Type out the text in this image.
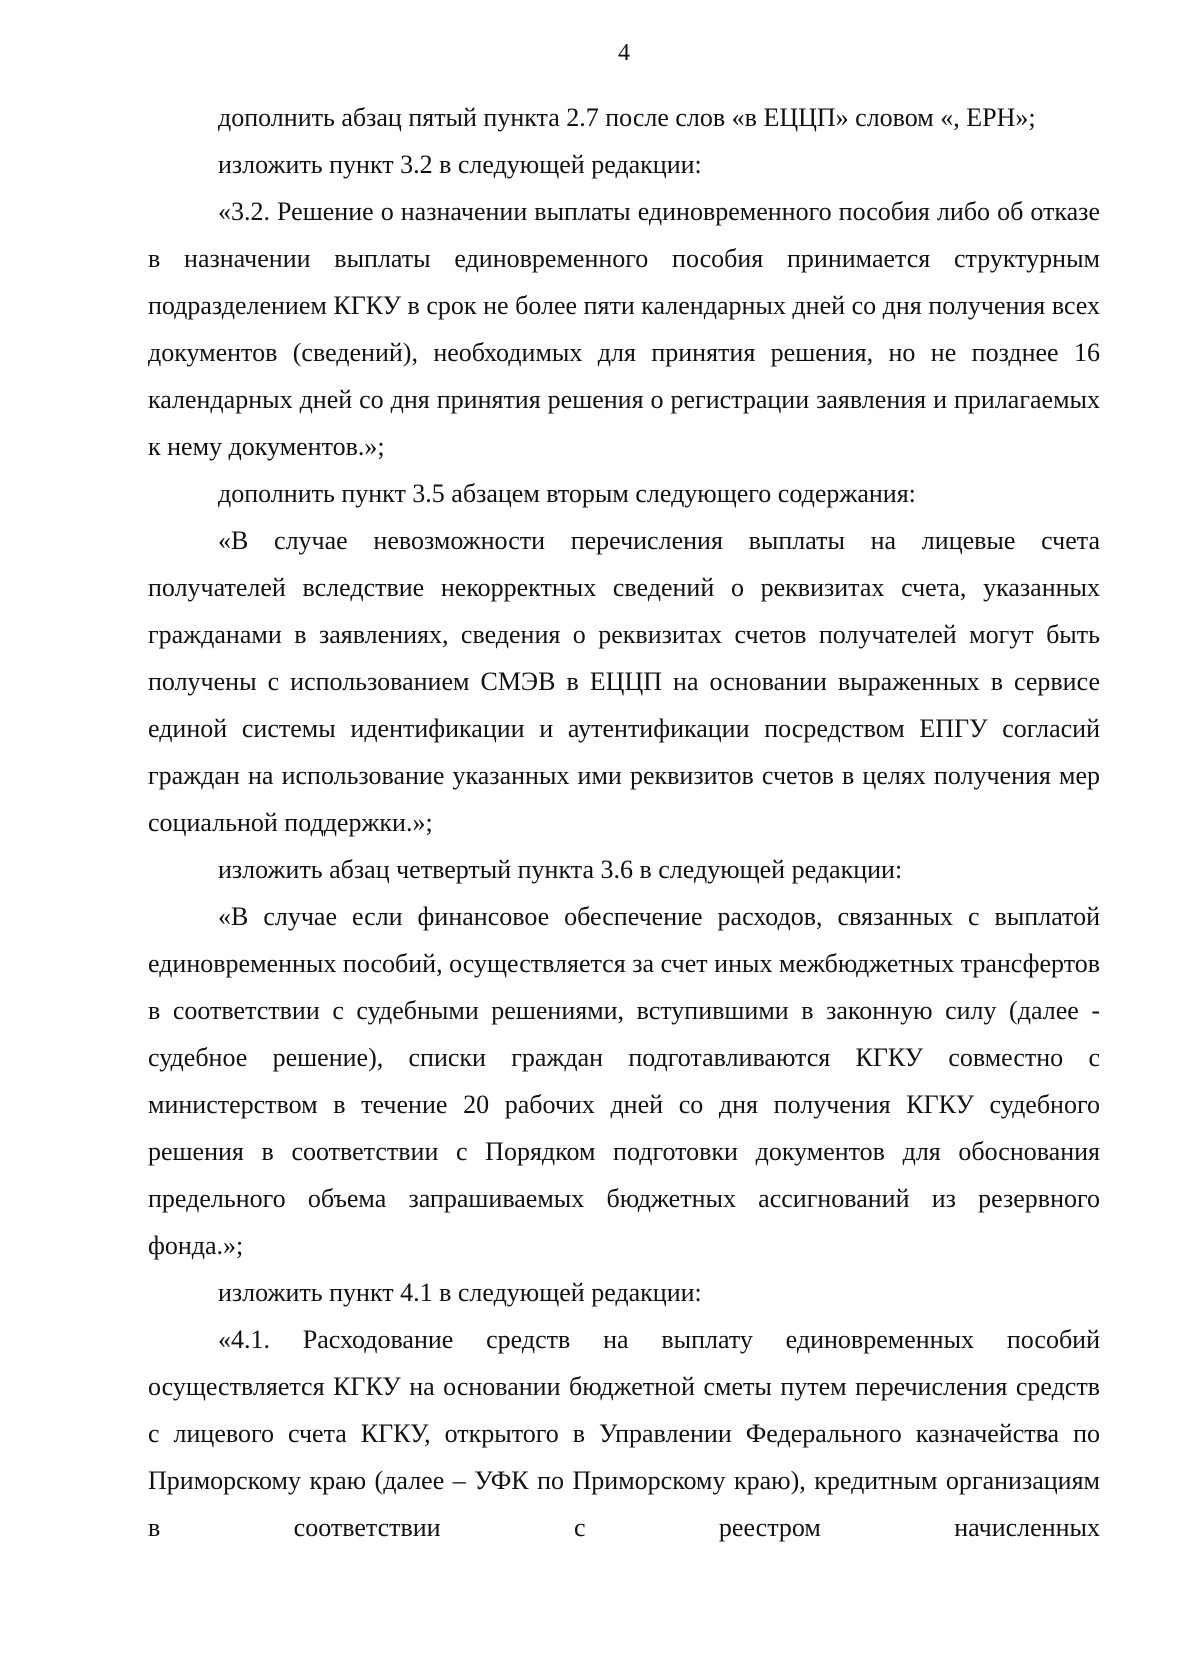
4

дополнить абзац пятый пункта 2.7 после слов «в ЕЦЦП» словом «, ЕРН»;

изложить пункт 3.2 в следующей редакции:

«3.2. Решение о назначении выплаты единовременного пособия либо об отказе в назначении выплаты единовременного пособия принимается структурным подразделением КГКУ в срок не более пяти календарных дней со дня получения всех документов (сведений), необходимых для принятия решения, но не позднее 16 календарных дней со дня принятия решения о регистрации заявления и прилагаемых к нему документов.»;

дополнить пункт 3.5 абзацем вторым следующего содержания:

«В случае невозможности перечисления выплаты на лицевые счета получателей вследствие некорректных сведений о реквизитах счета, указанных гражданами в заявлениях, сведения о реквизитах счетов получателей могут быть получены с использованием СМЭВ в ЕЦЦП на основании выраженных в сервисе единой системы идентификации и аутентификации посредством ЕПГУ согласий граждан на использование указанных ими реквизитов счетов в целях получения мер социальной поддержки.»;

изложить абзац четвертый пункта 3.6 в следующей редакции:

«В случае если финансовое обеспечение расходов, связанных с выплатой единовременных пособий, осуществляется за счет иных межбюджетных трансфертов в соответствии с судебными решениями, вступившими в законную силу (далее - судебное решение), списки граждан подготавливаются КГКУ совместно с министерством в течение 20 рабочих дней со дня получения КГКУ судебного решения в соответствии с Порядком подготовки документов для обоснования предельного объема запрашиваемых бюджетных ассигнований из резервного фонда.»;

изложить пункт 4.1 в следующей редакции:

«4.1. Расходование средств на выплату единовременных пособий осуществляется КГКУ на основании бюджетной сметы путем перечисления средств с лицевого счета КГКУ, открытого в Управлении Федерального казначейства по Приморскому краю (далее – УФК по Приморскому краю), кредитным организациям в соответствии с реестром начисленных
